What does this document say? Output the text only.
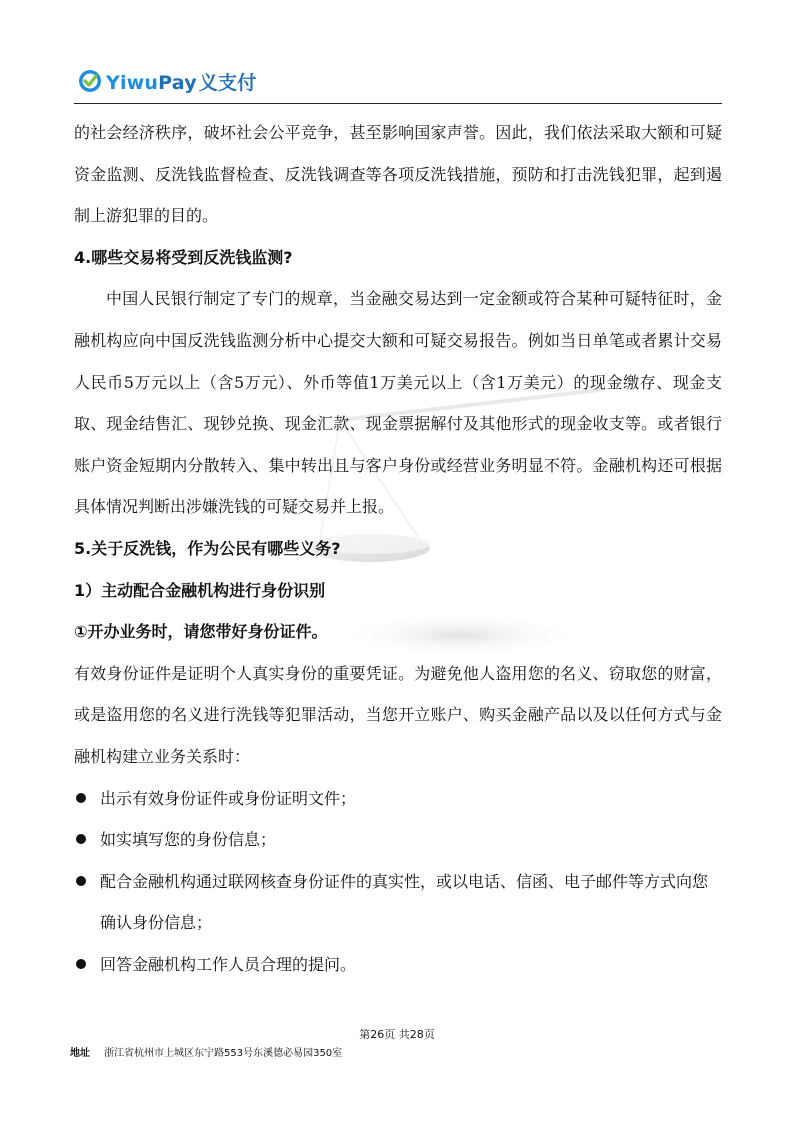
YiwuPay 义支付

的社会经济秩序，破坏社会公平竞争，甚至影响国家声誉。因此，我们依法采取大额和可疑资金监测、反洗钱监督检查、反洗钱调查等各项反洗钱措施，预防和打击洗钱犯罪，起到遏制上游犯罪的目的。

4.哪些交易将受到反洗钱监测?

中国人民银行制定了专门的规章，当金融交易达到一定金额或符合某种可疑特征时，金融机构应向中国反洗钱监测分析中心提交大额和可疑交易报告。例如当日单笔或者累计交易人民币5万元以上（含5万元）、外币等值1万美元以上（含1万美元）的现金缴存、现金支取、现金结售汇、现钞兑换、现金汇款、现金票据解付及其他形式的现金收支等。或者银行账户资金短期内分散转入、集中转出且与客户身份或经营业务明显不符。金融机构还可根据具体情况判断出涉嫌洗钱的可疑交易并上报。

5.关于反洗钱，作为公民有哪些义务?

1）主动配合金融机构进行身份识别

①开办业务时，请您带好身份证件。

有效身份证件是证明个人真实身份的重要凭证。为避免他人盗用您的名义、窃取您的财富，或是盗用您的名义进行洗钱等犯罪活动，当您开立账户、购买金融产品以及以任何方式与金融机构建立业务关系时：

出示有效身份证件或身份证明文件；

如实填写您的身份信息；

配合金融机构通过联网核查身份证件的真实性，或以电话、信函、电子邮件等方式向您确认身份信息；

回答金融机构工作人员合理的提问。

第26页 共28页
地址 浙江省杭州市上城区东宁路553号东溪德必易园350室
